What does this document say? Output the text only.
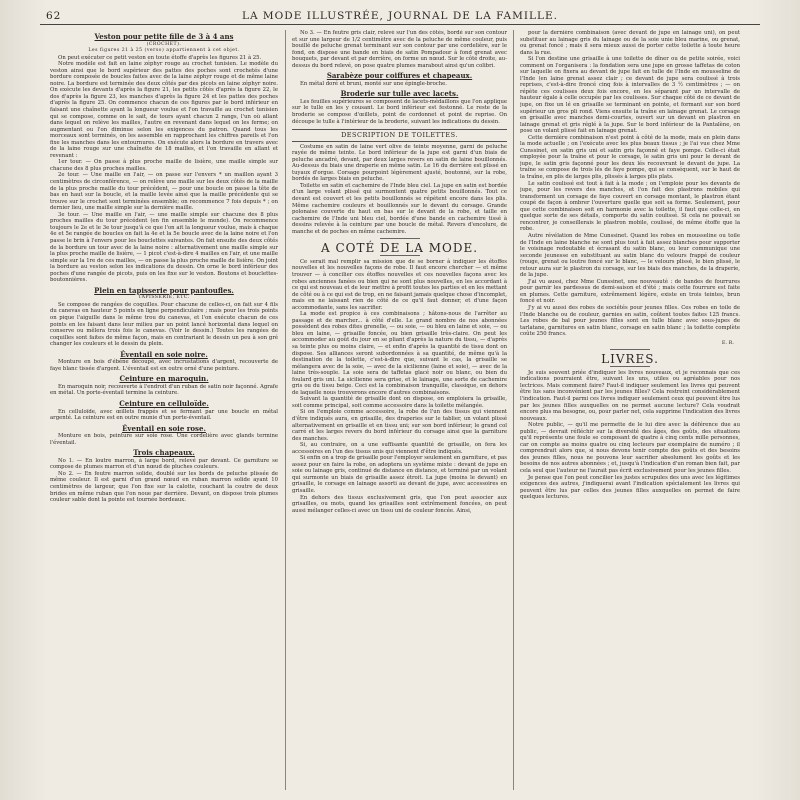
62	LA MODE ILLUSTRÉE, JOURNAL DE LA FAMILLE.
Veston pour petite fille de 3 à 4 ans
(CROCHET).
Les figures 21 à 25 (verso) appartiennent à cet objet.

On peut exécuter ce petit veston en toute étoffe d'après les figures 21 à 25.

Notre modèle est fait en laine zéphyr rouge au crochet tunisien. Le modèle du veston ainsi que le bord supérieur des pattes des poches sont crochetés d'une bordure composée de boucles faites avec de la laine zéphyr rouge et de même laine noire. La bordure est terminée des deux côtés par des picots en laine zéphyr noire. On exécute les devants d'après la figure 21, les petits côtés d'après la figure 22, le dos d'après la figure 23, les manches d'après la figure 24 et les pattes des poches d'après la figure 25. On commence chacun de ces figures par le bord inférieur en faisant une chaînette ayant la longueur voulue et l'on travaille au crochet tunisien qui se compose, comme on le sait, de tours ayant chacun 2 rangs, l'un où allant dans lequel on relève les mailles, l'autre en revenant dans lequel on les ferme; on augmentant ou l'on diminue selon les exigences du patron. Quand tous les morceaux sont terminés, on les assemble en rapprochant les chiffres pareils et l'on fixe les manches dans les entournures. On exécute alors la bordure en travers avec de la laine rouge sur une chaînette de 18 mailles, et l'on travaille en allant et revenant :

1er tour. — On passe à plus proche maille de lisière, une maille simple sur chacune des 8 plus proches mailles.

2e tour. — Une maille en l'air, — on passe sur l'envers * un maillon ayant 3 centimètres de circonférence, — on relève une maille sur les deux côtés de la maille de la plus proche maille du tour précédent, — pour une boucle on passe la tête de bas en haut sur la boucle, et la maille levée ainsi que la maille précédente qui se trouve sur le crochet sont terminées ensemble; on recommence 7 fois depuis * ; on dernier lieu, une maille simple sur la dernière maille.

3e tour. — Une maille en l'air, — une maille simple sur chacune des 8 plus proches mailles du tour précédent (en fin ensemble le monde). On recommence toujours le 2e et le 3e tour jusqu'à ce que l'on ait la longueur voulue, mais à chaque 4e et 5e rangée de boucles on fait la 4e et la 5e boucle avec de la laine noire et l'on passe le brin à l'envers pour les bouclettes suivantes. On fait ensuite des deux côtés de la bordure un tour avec de la laine noire : alternativement une maille simple sur la plus proche maille de lisière, — 1 picot c'est-à-dire 4 mailles en l'air, et une maille simple sur la 1re de ces mailles, — on passe la plus proche maille de lisière. On joint la bordure au veston selon les indications du dessin. On orne le bord inférieur des poches d'une rangée de picots, puis on les fixe sur le veston. Boutons et bouclettes-boutonnières.

Plein en tapisserie pour pantoufles.
TAPISSERIE, ETC.

Se compose de rangées de coquilles. Pour chacune de celles-ci, on fait sur 4 fils du canevas en hauteur 5 points en ligne perpendiculaire ; mais pour les trois points on pique l'aiguille dans le même trou du canevas, et l'on exécute chacun de ces points en les faisant dans leur milieu par un point lancé horizontal dans lequel on conserve ou mêlera trois fois le canevas. (Voir le dessin.) Toutes les rangées de coquilles sont faites de même façon, mais en contrariant le dessin un peu à son gré changer les couleurs et le dessin du plein.

Éventail en soie noire.

Monture en bois d'ébène découpé, avec incrustations d'argent, recouverte de faye blanc tissée d'argent. L'éventail est en outre orné d'une peinture.

Ceinture en maroquin.

En maroquin noir, recouverte à l'endroit d'un ruban de satin noir façonné. Agrafe en métal. Un porte-éventail termine la ceinture.

Ceinture en celluloïde.

En celluloïde, avec œillets frappés et se fermant par une boucle en métal argenté. La ceinture est en outre munie d'un porte-éventail.

Éventail en soie rose.

Monture en bois, peinture sur soie rose. Une cordelière avec glands termine l'éventail.

Trois chapeaux.

No 1. — En loutre marron, à large bord, relevé par devant. Ce garniture se compose de plumes marron et d'un nœud de pluches couleurs.

No 2. — En feutre marron solide, doublé sur les bords de peluche plissée de même couleur. Il est garni d'un grand nœud en ruban marron solide ayant 10 centimètres de largeur, que l'on fixe sur la calotte, couchant la coutre de deux brides en même ruban que l'on noue par derrière. Devant, on dispose trois plumes couleur sable dont la pointe est tournée bordeaux.

No 3. — En feutre gris clair, relevé sur l'un des côtés, bordé sur son contour et sur une largeur de 1/2 centimètre avec de la peluche de même couleur, puis bouillé de peluche grenat terminant sur son contour par une cordelière, sur le fond, on dispose une bande en biais de satin Pompadour à fond grenat avec bouquets, par devant et par derrière, on forme un nœud. Sur le côté droite, au-dessus du bord relevé, on pose quatre plumes marabout ainsi qu'un colibri.

Sarabèze pour coiffures et chapeaux.

En métal doré et bruni, monté sur une épingle-broche.

Broderie sur tulle avec lacets.

Les feuilles supérieures se composent de lacets-médaillons que l'on applique sur le tulle en les y cousant. Le bord inférieur est festonné. Le reste de la broderie se compose d'œillets, point de cordonnet et point de reprise. On découpe le tulle à l'intérieur de la broderie, suivant les indications du dessin.

DESCRIPTION DE TOILETTES.

Costume en satin de laine vert olive de teinte moyenne, garni de peluche rayée de même teinte. Le bord inférieur de la jupe est garni d'un biais de peluche ancadré, devant, par deux larges revers en satin de laine bouillonnés. Au-dessus du biais une draperie en même satin. Le 16 du derrière est plissé en tuyaux d'orgue. Corsage pourpoint légèrement ajusté, boutonné, sur la robe, bordés de larges biais en peluche.

Toilette en satin et cachemire de l'Inde bleu ciel. La jupe en satin est bordée d'un large volant plissé qui surmontent quatre petits bouillonnés. Tout ce devant est couvert et les petits bouillonnés se répètent encore dans les plis. Même cachemire couleurs et bouillonnés sur le devant du corsage. Grande polonaise couverte du haut en bas sur le devant de la robe, et taille en cachemire de l'Inde uni bleu ciel, bordée d'une bande en cachemire tissé à dessins relevée à la ceinture par une boucle de métal. Revers d'encolure, de manche et de poches en même cachemire.

A COTÉ DE LA MODE.

Ce serait mal remplir sa mission que de se borner à indiquer les étoffes nouvelles et les nouvelles façons de robe. Il faut encore chercher — et même trouver — à concilier ces étoffes nouvelles et ces nouvelles façons avec les robes anciennes fanées ou bien qui ne sont plus nouvelles, en les accordant à ce qui est nouveau et de leur mettre à profit toutes les parties et en les mettant de côté ou à ce qui est de trop, en ne faisant jamais quelque chose d'incomplet, mais en ne laissant rien de côté de ce qu'il faut donner, et d'une façon accommodante, sans les sacrifier.

La mode est propice à ces combinaisons ; hâtons-nous de l'arrêter au passage et de marcher... à côté d'elle. Le grand nombre de nos abonnées possèdent des robes dites grenelle, — ou soie, — ou bleu en laine et soie, — ou bleu en laine, — grisaille foncée, ou bien grisaille très-claire. On peut les accommoder au goût du jour en se pliant d'après la nature du tissu, — d'après sa teinte plus ou moins claire, — et enfin d'après la quantité de tissu dont on dispose. Ses alliances seront subordonnées à sa quantité, de même qu'à la destination de la toilette, c'est-à-dire que, suivant le cas, la grisaille se mélangera avec de la soie, — avec de la sicilienne (laine et soie), — avec de la laine très-souple. La soie sera de taffetas glacé noir ou blanc, ou bien du foulard gris uni. La sicilienne sera grise, et le lainage, une sorte de cachemire gris ou du tissu beige. Ceci est la combinaison tranquille, classique, en dehors de laquelle nous trouverons encore d'autres combinaisons.

Suivant la quantité de grisaille dont on dispose, on emploiera la grisaille, soit comme principal, soit comme accessoire dans la toilette mélangée.

Si on l'emploie comme accessoire, la robe de l'un des tissus qui viennent d'être indiqués aura, en grisaille, des draperies sur le tablier, un volant plissé alternativement en grisaille et en tissu uni; sur son bord inférieur, le grand col carré et les larges revers du bord inférieur du corsage ainsi que la garniture des manches.

Si, au contraire, on a une suffisante quantité de grisaille, on fera les accessoires en l'un des tissus unis qui viennent d'être indiqués.

Si enfin on a trop de grisaille pour l'employer seulement en garniture, et pas assez pour en faire la robe, on adoptera un système mixte : devant de jupe en soie ou lainage gris, continué de distance en distance, et terminé par un volant qui surmonte un biais de grisaille assez étroit. La jupe (moins le devant) en grisaille, le corsage en lainage assorti au devant de jupe, avec accessoires en grisaille.

En dehors des tissus exclusivement gris, que l'on peut associer aux grisailles, ou mots, quand les grisailles sont extrêmement foncées, on peut aussi mélanger celles-ci avec un tissu uni de couleur foncée. Ainsi,

pour la dernière combinaison (avec devant de jupe en lainage uni), on peut substituer au lainage gris du lainage ou de la soie unie bleu marine, ou grenat, ou grenat foncé ; mais il sera mieux aussi de porter cette toilette à toute heure dans la rue.

Si l'on destine une grisaille à une toilette de dîner ou de petite soirée, voici comment on l'organisera : la fondation sera une jupe en grosse taffetas de coton sur laquelle on fixera au devant de jupe fait en tulle de l'Inde en mousseline de l'Inde (en laine grenat assez clair ; ce devant de jupe sera coulissé à trois reprises, c'est-à-dire froncé cinq fois à intervalles de 3 ½ centimètres ; — on répète ces coulisses deux fois encore, en les séparant par un intervalle de hauteur égale à celle occupée par les coulisses. Sur chaque côté de ce devant de jupe, on fixe un lé en grisaille se terminant en pointe, et formant sur son bord supérieur un gros pli rond. Viens ensuite la traîne en lainage grenat. Le corsage en grisaille avec manches demi-courtes, ouvert sur un devant en plastron en lainage grenat et gris réglé à la jupe. Sur le bord inférieur de la Pantalène, on pose un volant plissé fait en lainage grenat.

Cette dernière combinaison n'est point à côté de la mode, mais en plein dans la mode actuelle ; on l'exécute avec les plus beaux tissus ; je l'ai vue chez Mme Cunssinet, en satin gris uni et satin gris façonné et faye pompe. Celle-ci était employée pour la traîne et pour le corsage, le satin gris uni pour le devant de jupe, le satin gris façonné pour les deux lés recouvrant le devant de jupe. La traîne se compose de trois lés de faye pompe, qui se conséquent, sur le haut de la traîne, en plis de larges plis, plissés à larges plis plats.

Le satin coulissé est tout à fait à la mode ; on l'emploie pour les devants de jupe, pour les revers des manches, et l'on fait des plastrons mobiles qui transforment un corsage de faye couvert en corsage montant, le plastron étant coupé de façon à ombrer l'ouverture quelle que soit sa forme. Seulement, pour que cette combinaison soit en harmonie avec la toilette, il faut que celle-ci, en quelque sorte de ses détails, comporte du satin coulissé. Si cela ne pouvait se rencontrer, je conseillerais le plastron mobile, coulissé, de même étoffe que la robe.

Autre révélation de Mme Cunssinet. Quand les robes en mousseline ou toile de l'Inde en laine blanche ne sont plus tout à fait assez blanches pour supporter le voisinage redoutable et écrasant du satin blanc, ou leur communique une seconde jeunesse en substituant au satin blanc du velours frappé de couleur (rouge, grenat ou loutre foncé sur le blanc, — le velours plissé, le bien plissé, le retour aura sur le plastron du corsage, sur les biais des manches, de la draperie, de la jupe.

J'ai vu aussi, chez Mme Cunssinet, une nouveauté : de bandes de fourrures pour garnir les pardessus de demi-saison et d'été ; mais cette fourrure est faite en plumes. Cette garniture, extrêmement légère, existe en trois teintes, brun foncé et noir.

J'y ai vu aussi des robes de sociétés pour jeunes filles. Ces robes en toile de l'Inde blanche ou de couleur, garnies en satin, coûtent toutes faites 125 francs. Les robes de bal pour jeunes filles sont en tulle blanc avec sous-jupes de tarlatane, garnitures en satin blanc, corsage en satin blanc ; la toilette complète coûte 250 francs.

E. R.
LIVRES.

Je suis souvent priée d'indiquer les livres nouveaux, et je reconnais que ces indications pourraient être, suivant les uns, utiles ou agréables pour nos lectrices. Mais comment faire? Faut-il indiquer seulement les livres qui peuvent être lus sans inconvénient par les jeunes filles? Cela restreint considérablement l'indication. Faut-il parmi ces livres indiquer seulement ceux qui peuvent être lus par les jeunes filles auxquelles on ne permet aucune lecture? Cela voudrait encore plus ma besogne, ou, pour parler net, cela supprime l'indication des livres nouveaux.

Notre public, — qu'il me permette de le lui dire avec la déférence due au public, — devrait réfléchir sur la diversité des âges, des goûts, des situations qu'il représente une foule se composant de quatre à cinq cents mille personnes, car on compte au moins quatre ou cinq lecteurs par exemplaire de numéro ; il comprendrait alors que, si nous devons tenir compte des goûts et des besoins des jeunes filles, nous ne pouvons leur sacrifier absolument les goûts et les besoins de nos autres abonnées ; et, jusqu'à l'indication d'un roman bien fait, par cela seul que l'auteur ne l'aurait pas écrit exclusivement pour les jeunes filles.

Je pense que l'on peut concilier les justes scrupules des uns avec les légitimes exigences des autres, j'indiquerai avant l'indication spécialement les livres qui peuvent être lus par celles des jeunes filles auxquelles on permet de faire quelques lectures.
